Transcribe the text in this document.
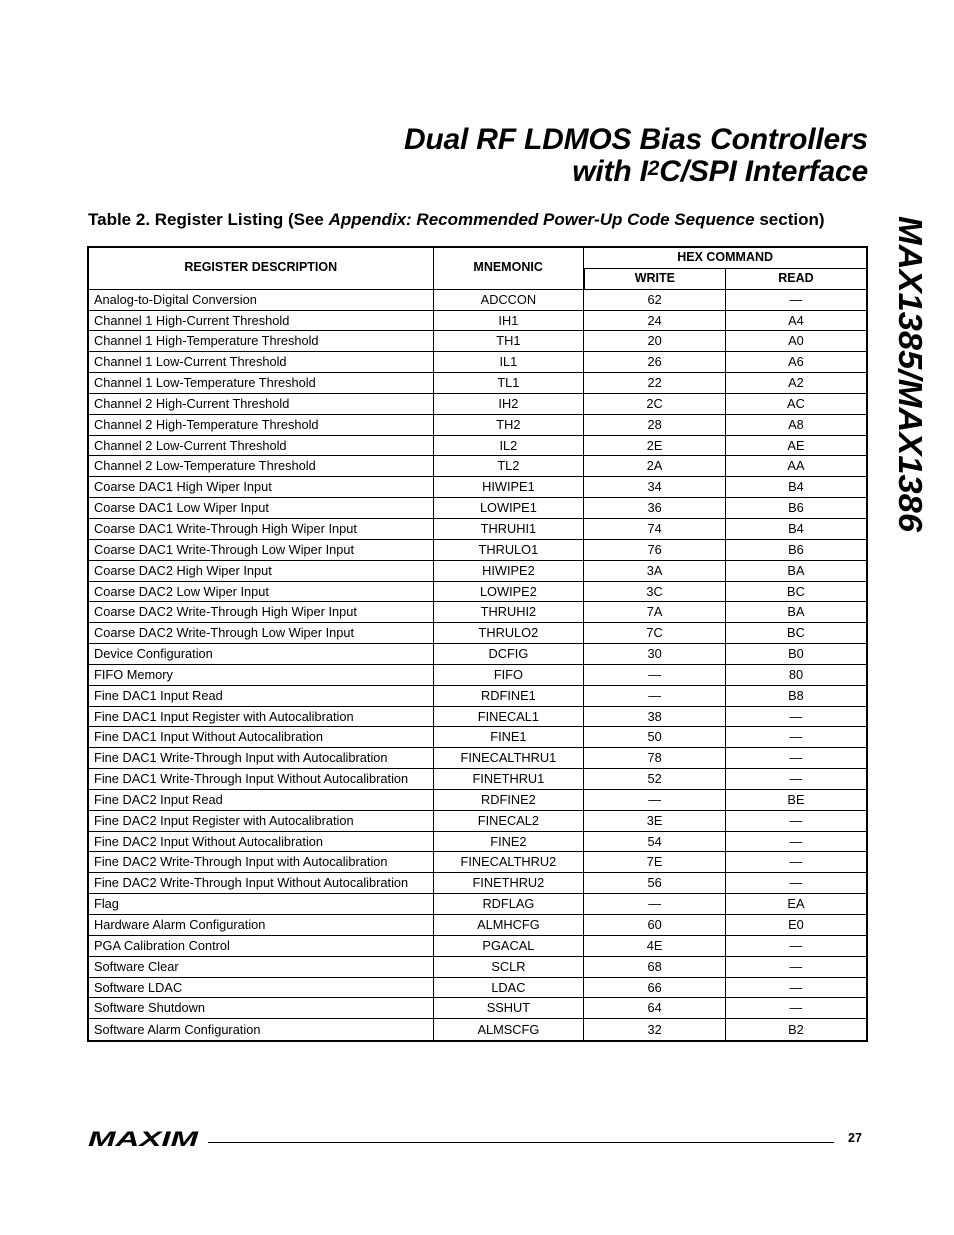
Dual RF LDMOS Bias Controllers
with $I^2C$/SPI Interface
Table 2. Register Listing (See Appendix: Recommended Power-Up Code Sequence section)	MAX1385/MAX1386
REGISTER DESCRIPTION	MNEMONIC	HEX COMMAND	
		WRITE	READ
Analog-to-Digital Conversion	ADCCON	62	—
Channel 1 High-Current Threshold	IH1	24	A4
Channel 1 High-Temperature Threshold	TH1	20	A0
Channel 1 Low-Current Threshold	IL1	26	A6
Channel 1 Low-Temperature Threshold	TL1	22	A2
Channel 2 High-Current Threshold	IH2	2C	AC
Channel 2 High-Temperature Threshold	TH2	28	A8
Channel 2 Low-Current Threshold	IL2	2E	AE
Channel 2 Low-Temperature Threshold	TL2	2A	AA
Coarse DAC1 High Wiper Input	HIWIPE1	34	B4
Coarse DAC1 Low Wiper Input	LOWIPE1	36	B6
Coarse DAC1 Write-Through High Wiper Input	THRUHI1	74	B4
Coarse DAC1 Write-Through Low Wiper Input	THRULO1	76	B6
Coarse DAC2 High Wiper Input	HIWIPE2	3A	BA
Coarse DAC2 Low Wiper Input	LOWIPE2	3C	BC
Coarse DAC2 Write-Through High Wiper Input	THRUHI2	7A	BA
Coarse DAC2 Write-Through Low Wiper Input	THRULO2	7C	BC
Device Configuration	DCFIG	30	B0
FIFO Memory	FIFO	—	80
Fine DAC1 Input Read	RDFINE1	—	B8
Fine DAC1 Input Register with Autocalibration	FINECAL1	38	—
Fine DAC1 Input Without Autocalibration	FINE1	50	—
Fine DAC1 Write-Through Input with Autocalibration	FINECALTHRU1	78	—
Fine DAC1 Write-Through Input Without Autocalibration	FINETHRU1	52	—
Fine DAC2 Input Read	RDFINE2	—	BE
Fine DAC2 Input Register with Autocalibration	FINECAL2	3E	—
Fine DAC2 Input Without Autocalibration	FINE2	54	—
Fine DAC2 Write-Through Input with Autocalibration	FINECALTHRU2	7E	—
Fine DAC2 Write-Through Input Without Autocalibration	FINETHRU2	56	—
Flag	RDFLAG	—	EA
Hardware Alarm Configuration	ALMHCFG	60	E0
PGA Calibration Control	PGACAL	4E	—
Software Clear	SCLR	68	—
Software LDAC	LDAC	66	—
Software Shutdown	SSHUT	64	—
Software Alarm Configuration	ALMSCFG	32	B2
MAXIM	27
